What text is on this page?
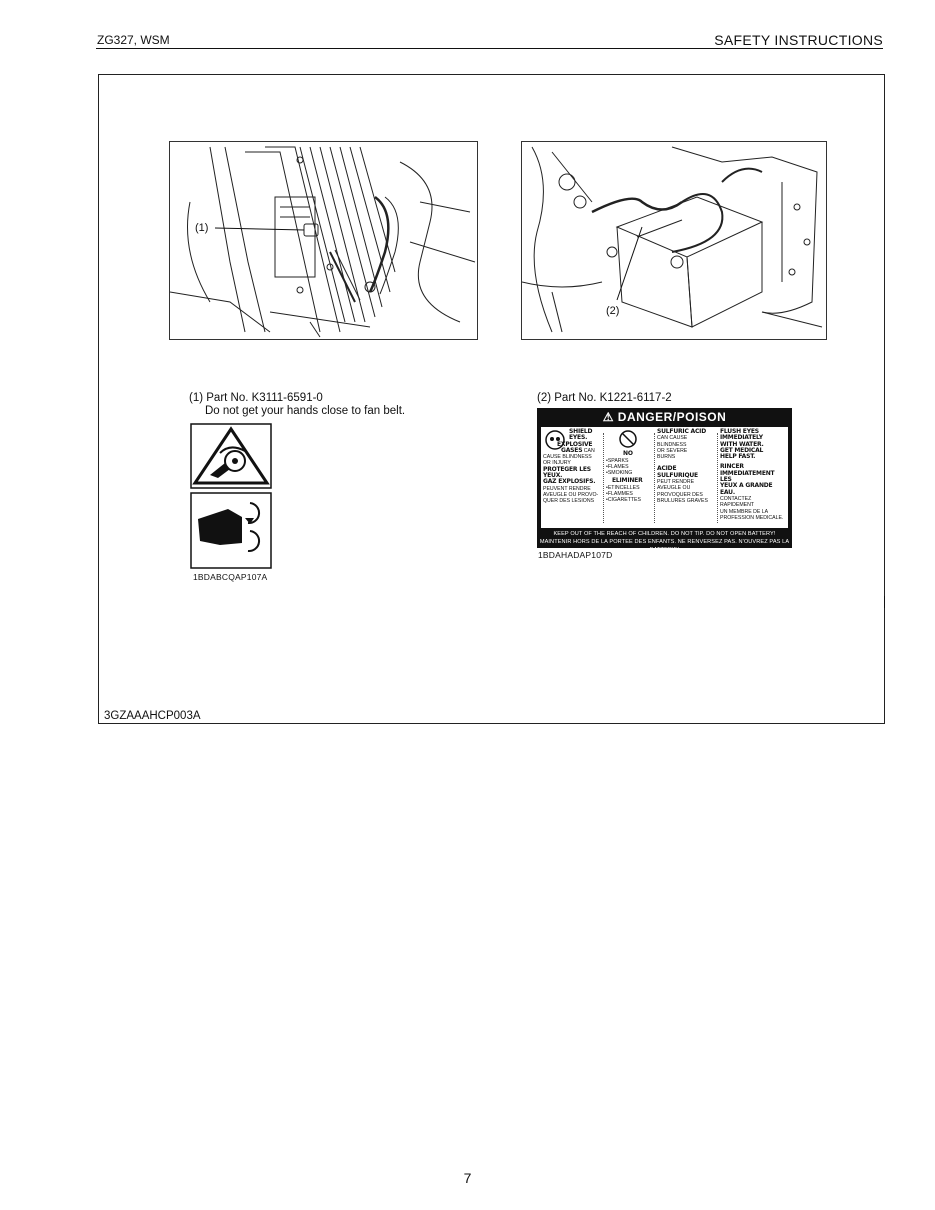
ZG327, WSM	SAFETY INSTRUCTIONS
(1)
(2)
(1) Part No. K3111-6591-0
Do not get your hands close to fan belt.
(2) Part No. K1221-6117-2
1BDABCQAP107A
⚠ DANGER/POISON
SHIELD
EYES.
EXPLOSIVE
GASES CAN
CAUSE BLINDNESS
OR INJURY
PROTEGER LES YEUX.
GAZ EXPLOSIFS.
PEUVENT RENDRE
AVEUGLE OU PROVO-
QUER DES LESIONS
NO
•SPARKS
•FLAMES
•SMOKING
ELIMINER
•ETINCELLES
•FLAMMES
•CIGARETTES
SULFURIC ACID
CAN CAUSE
BLINDNESS
OR SEVERE
BURNS
ACIDE
SULFURIQUE
PEUT RENDRE
AVEUGLE OU
PROVOQUER DES
BRULURES GRAVES
FLUSH EYES
IMMEDIATELY
WITH WATER.
GET MEDICAL
HELP FAST.
RINCER
IMMEDIATEMENT LES
YEUX A GRANDE EAU.
CONTACTEZ RAPIDEMENT
UN MEMBRE DE LA
PROFESSION MEDICALE.
KEEP OUT OF THE REACH OF CHILDREN. DO NOT TIP. DO NOT OPEN BATTERY!
MAINTENIR HORS DE LA PORTEE DES ENFANTS. NE RENVERSEZ PAS. N'OUVREZ PAS LA BATTERIE!
1BDAHADAP107D
3GZAAAHCP003A
7
